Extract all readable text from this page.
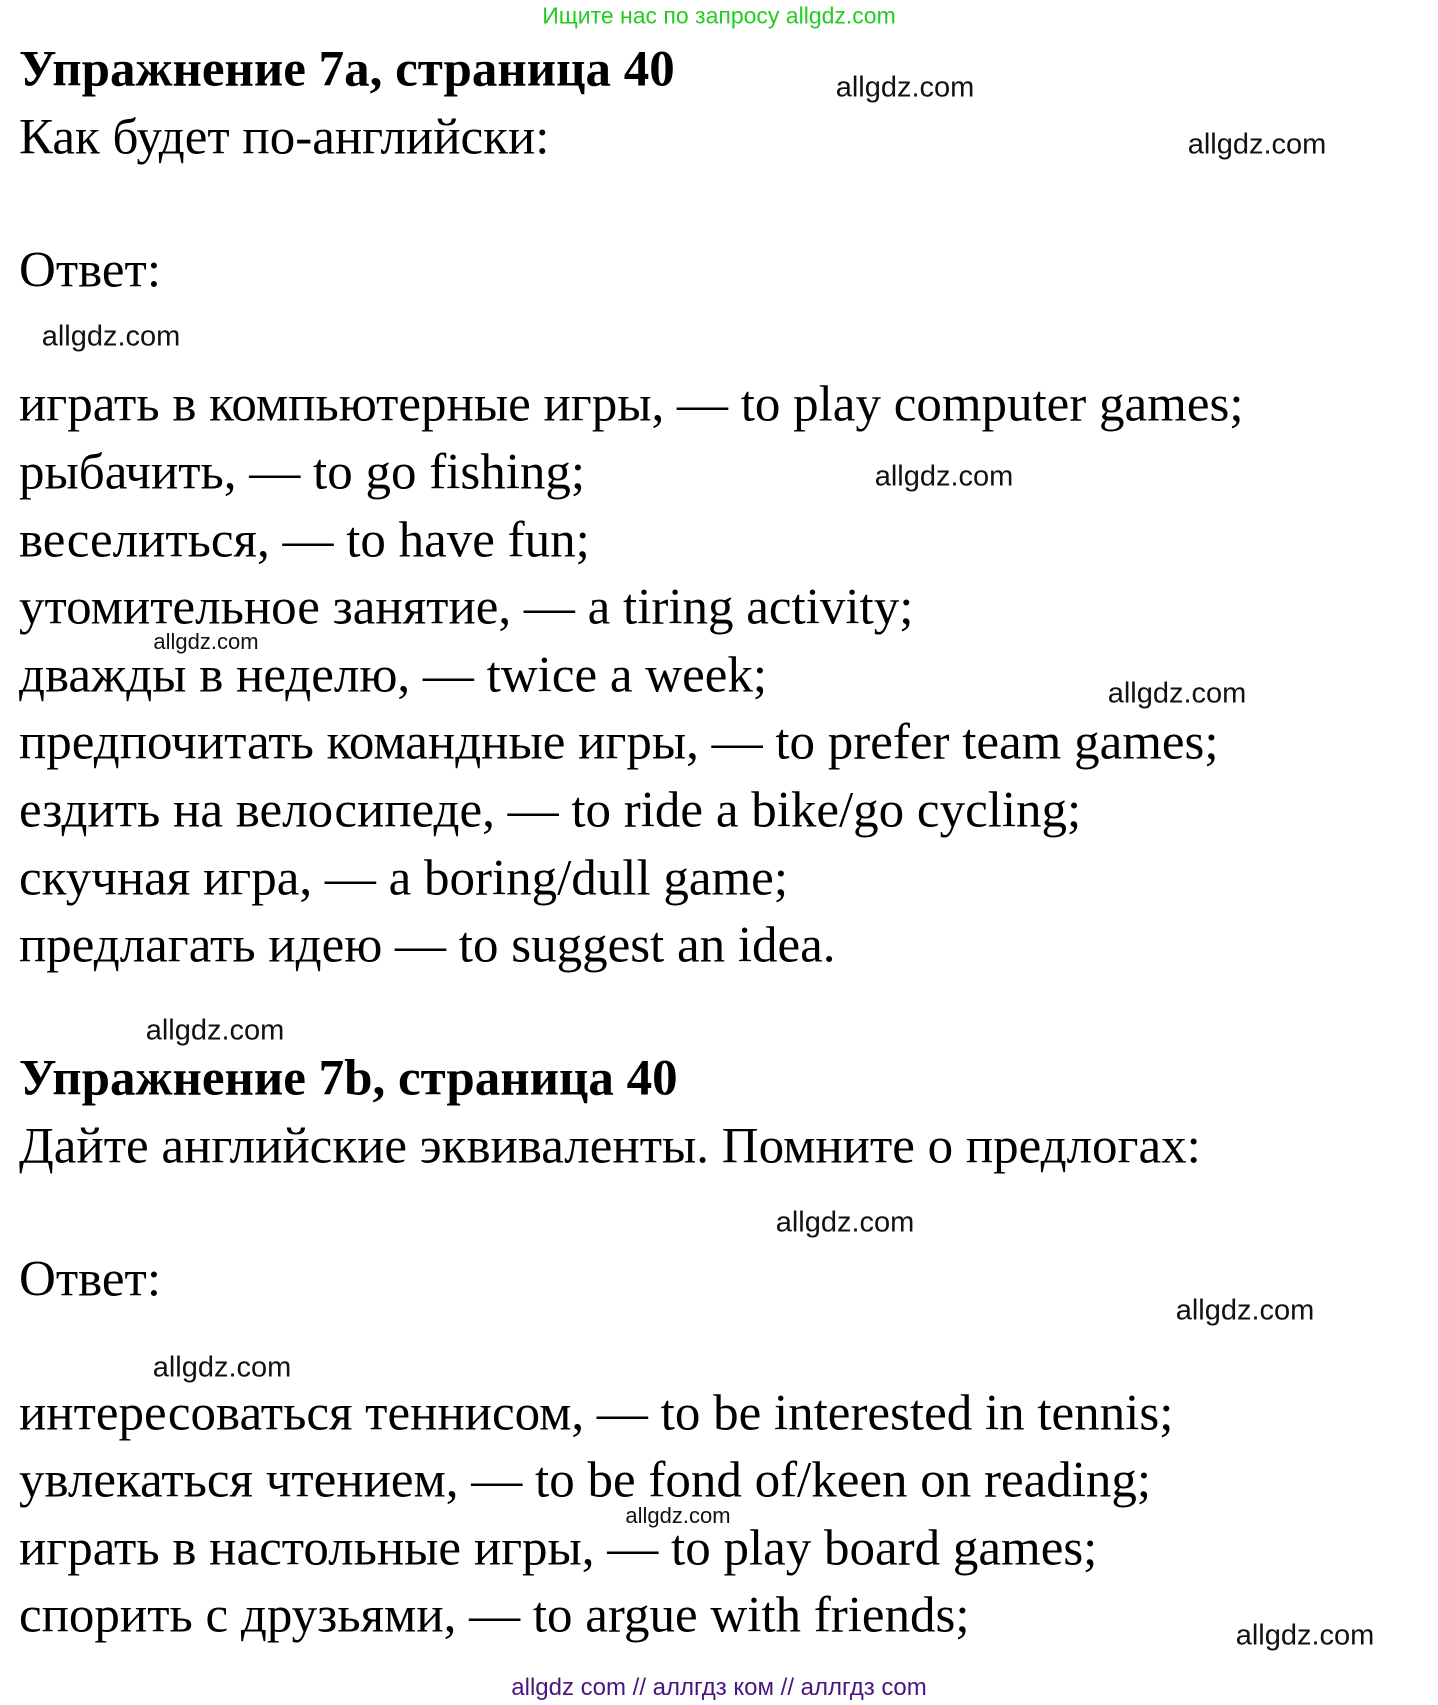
Ищите нас по запросу allgdz.com
Упражнение 7a, страница 40
Как будет по-английски:
Ответ:
играть в компьютерные игры, — to play computer games;
рыбачить, — to go fishing;
веселиться, — to have fun;
утомительное занятие, — a tiring activity;
дважды в неделю, — twice a week;
предпочитать командные игры, — to prefer team games;
ездить на велосипеде, — to ride a bike/go cycling;
скучная игра, — a boring/dull game;
предлагать идею — to suggest an idea.
Упражнение 7b, страница 40
Дайте английские эквиваленты. Помните о предлогах:
Ответ:
интересоваться теннисом, — to be interested in tennis;
увлекаться чтением, — to be fond of/keen on reading;
играть в настольные игры, — to play board games;
спорить с друзьями, — to argue with friends;
allgdz.com
allgdz.com
allgdz.com
allgdz.com
allgdz.com
allgdz.com
allgdz.com
allgdz.com
allgdz.com
allgdz.com
allgdz.com
allgdz.com
allgdz com // аллгдз ком // аллгдз com
